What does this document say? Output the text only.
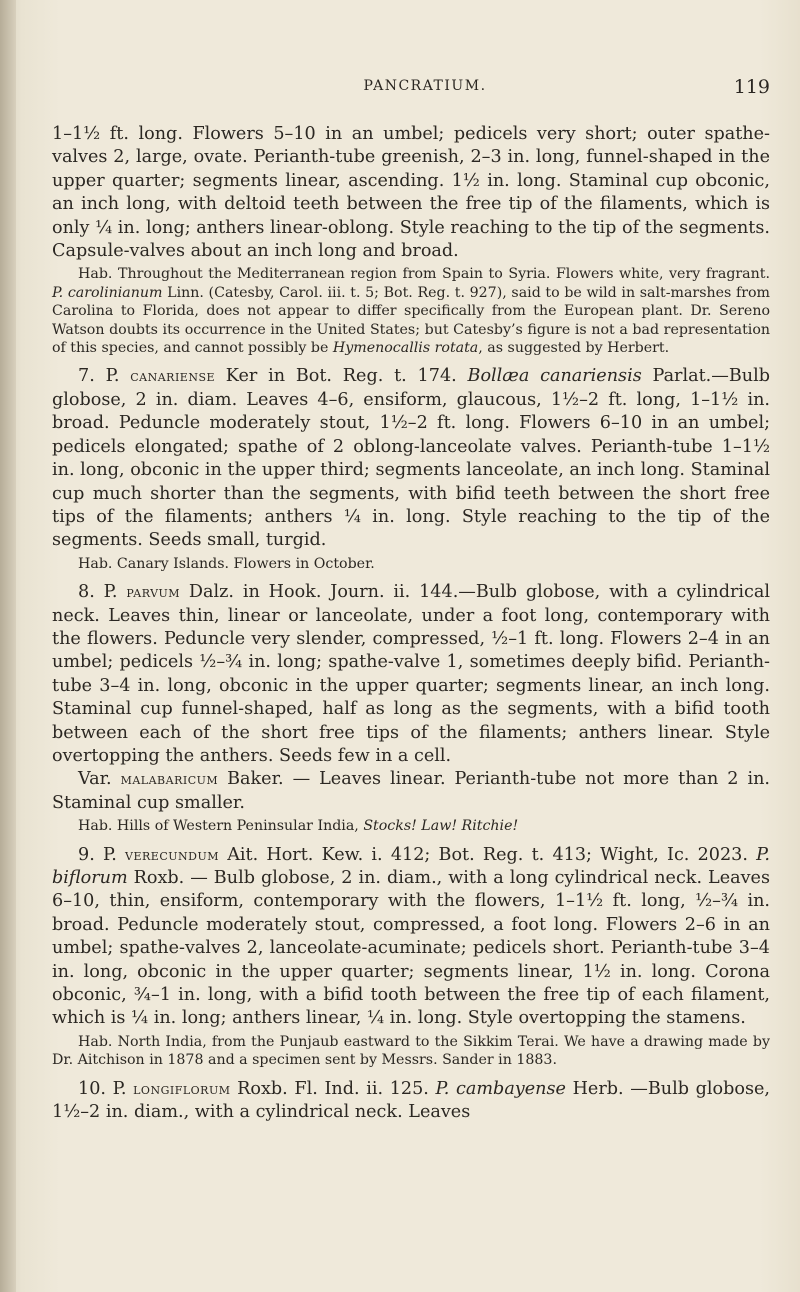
PANCRATIUM.	119

1–1½ ft. long. Flowers 5–10 in an umbel; pedicels very short; outer spathe-valves 2, large, ovate. Perianth-tube greenish, 2–3 in. long, funnel-shaped in the upper quarter; segments linear, ascending. 1½ in. long. Staminal cup obconic, an inch long, with deltoid teeth between the free tip of the filaments, which is only ¼ in. long; anthers linear-oblong. Style reaching to the tip of the segments. Capsule-valves about an inch long and broad.

Hab. Throughout the Mediterranean region from Spain to Syria. Flowers white, very fragrant. P. carolinianum Linn. (Catesby, Carol. iii. t. 5; Bot. Reg. t. 927), said to be wild in salt-marshes from Carolina to Florida, does not appear to differ specifically from the European plant. Dr. Sereno Watson doubts its occurrence in the United States; but Catesby’s figure is not a bad representation of this species, and cannot possibly be Hymenocallis rotata, as suggested by Herbert.

7. P. canariense Ker in Bot. Reg. t. 174. Bollæa canariensis Parlat.—Bulb globose, 2 in. diam. Leaves 4–6, ensiform, glaucous, 1½–2 ft. long, 1–1½ in. broad. Peduncle moderately stout, 1½–2 ft. long. Flowers 6–10 in an umbel; pedicels elongated; spathe of 2 oblong-lanceolate valves. Perianth-tube 1–1½ in. long, obconic in the upper third; segments lanceolate, an inch long. Staminal cup much shorter than the segments, with bifid teeth between the short free tips of the filaments; anthers ¼ in. long. Style reaching to the tip of the segments. Seeds small, turgid.

Hab. Canary Islands. Flowers in October.

8. P. parvum Dalz. in Hook. Journ. ii. 144.—Bulb globose, with a cylindrical neck. Leaves thin, linear or lanceolate, under a foot long, contemporary with the flowers. Peduncle very slender, compressed, ½–1 ft. long. Flowers 2–4 in an umbel; pedicels ½–¾ in. long; spathe-valve 1, sometimes deeply bifid. Perianth-tube 3–4 in. long, obconic in the upper quarter; segments linear, an inch long. Staminal cup funnel-shaped, half as long as the segments, with a bifid tooth between each of the short free tips of the filaments; anthers linear. Style overtopping the anthers. Seeds few in a cell.

Var. malabaricum Baker. — Leaves linear. Perianth-tube not more than 2 in. Staminal cup smaller.

Hab. Hills of Western Peninsular India, Stocks! Law! Ritchie!

9. P. verecundum Ait. Hort. Kew. i. 412; Bot. Reg. t. 413; Wight, Ic. 2023. P. biflorum Roxb. — Bulb globose, 2 in. diam., with a long cylindrical neck. Leaves 6–10, thin, ensiform, contemporary with the flowers, 1–1½ ft. long, ½–¾ in. broad. Peduncle moderately stout, compressed, a foot long. Flowers 2–6 in an umbel; spathe-valves 2, lanceolate-acuminate; pedicels short. Perianth-tube 3–4 in. long, obconic in the upper quarter; segments linear, 1½ in. long. Corona obconic, ¾–1 in. long, with a bifid tooth between the free tip of each filament, which is ¼ in. long; anthers linear, ¼ in. long. Style overtopping the stamens.

Hab. North India, from the Punjaub eastward to the Sikkim Terai. We have a drawing made by Dr. Aitchison in 1878 and a specimen sent by Messrs. Sander in 1883.

10. P. longiflorum Roxb. Fl. Ind. ii. 125. P. cambayense Herb. —Bulb globose, 1½–2 in. diam., with a cylindrical neck. Leaves
